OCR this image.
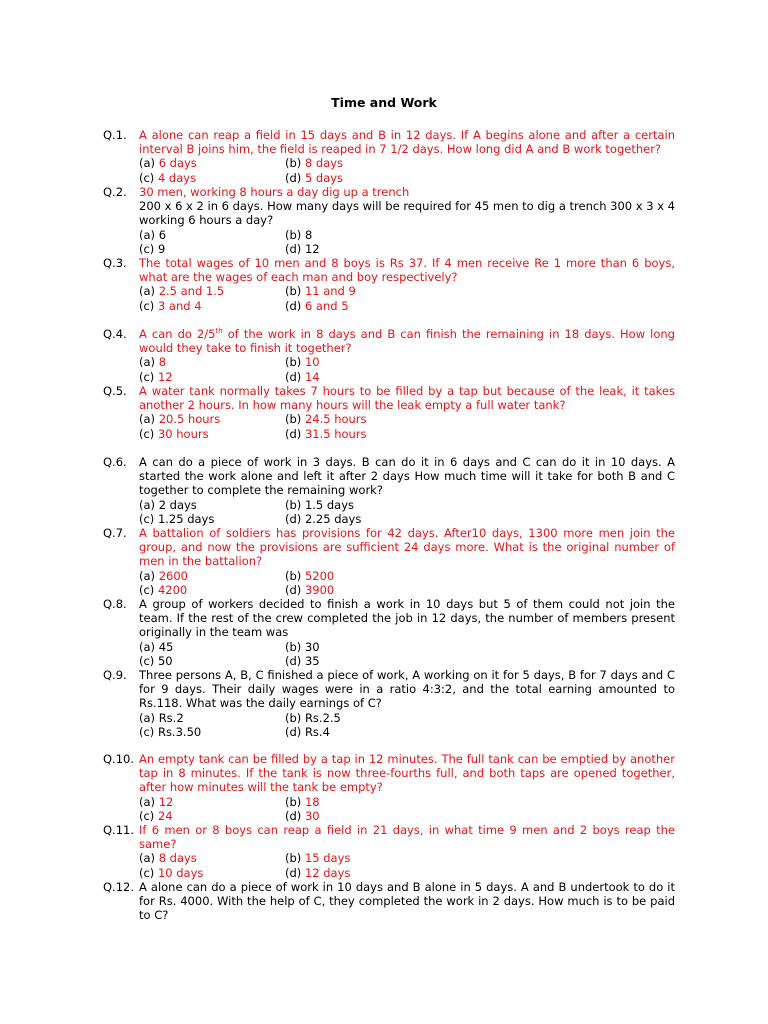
Time and Work
Q.1.	A alone can reap a field in 15 days and B in 12 days. If A begins alone and after a certain interval B joins him, the field is reaped in 7 1/2 days. How long did A and B work together?
(a) 6 days	(b) 8 days
(c) 4 days	(d) 5 days
Q.2.	30 men, working 8 hours a day dig up a trench
200 x 6 x 2 in 6 days. How many days will be required for 45 men to dig a trench 300 x 3 x 4 working 6 hours a day?
(a) 6	(b) 8
(c) 9	(d) 12
Q.3.	The total wages of 10 men and 8 boys is Rs 37. If 4 men receive Re 1 more than 6 boys, what are the wages of each man and boy respectively?
(a) 2.5 and 1.5	(b) 11 and 9
(c) 3 and 4	(d) 6 and 5
Q.4.	A can do 2/5th of the work in 8 days and B can finish the remaining in 18 days. How long would they take to finish it together?
(a) 8	(b) 10
(c) 12	(d) 14
Q.5.	A water tank normally takes 7 hours to be filled by a tap but because of the leak, it takes another 2 hours. In how many hours will the leak empty a full water tank?
(a) 20.5 hours	(b) 24.5 hours
(c) 30 hours	(d) 31.5 hours
Q.6.	A can do a piece of work in 3 days. B can do it in 6 days and C can do it in 10 days. A started the work alone and left it after 2 days How much time will it take for both B and C together to complete the remaining work?
(a) 2 days	(b) 1.5 days
(c) 1.25 days	(d) 2.25 days
Q.7.	A battalion of soldiers has provisions for 42 days. After10 days, 1300 more men join the group, and now the provisions are sufficient 24 days more. What is the original number of men in the battalion?
(a) 2600	(b) 5200
(c) 4200	(d) 3900
Q.8.	A group of workers decided to finish a work in 10 days but 5 of them could not join the team. If the rest of the crew completed the job in 12 days, the number of members present originally in the team was
(a) 45	(b) 30
(c) 50	(d) 35
Q.9.	Three persons A, B, C finished a piece of work, A working on it for 5 days, B for 7 days and C for 9 days. Their daily wages were in a ratio 4:3:2, and the total earning amounted to Rs.118. What was the daily earnings of C?
(a) Rs.2	(b) Rs.2.5
(c) Rs.3.50	(d) Rs.4
Q.10. An empty tank can be filled by a tap in 12 minutes. The full tank can be emptied by another tap in 8 minutes. If the tank is now three-fourths full, and both taps are opened together, after how minutes will the tank be empty?
(a) 12	(b) 18
(c) 24	(d) 30
Q.11. If 6 men or 8 boys can reap a field in 21 days, in what time 9 men and 2 boys reap the same?
(a) 8 days	(b) 15 days
(c) 10 days	(d) 12 days
Q.12. A alone can do a piece of work in 10 days and B alone in 5 days. A and B undertook to do it for Rs. 4000. With the help of C, they completed the work in 2 days. How much is to be paid to C?
